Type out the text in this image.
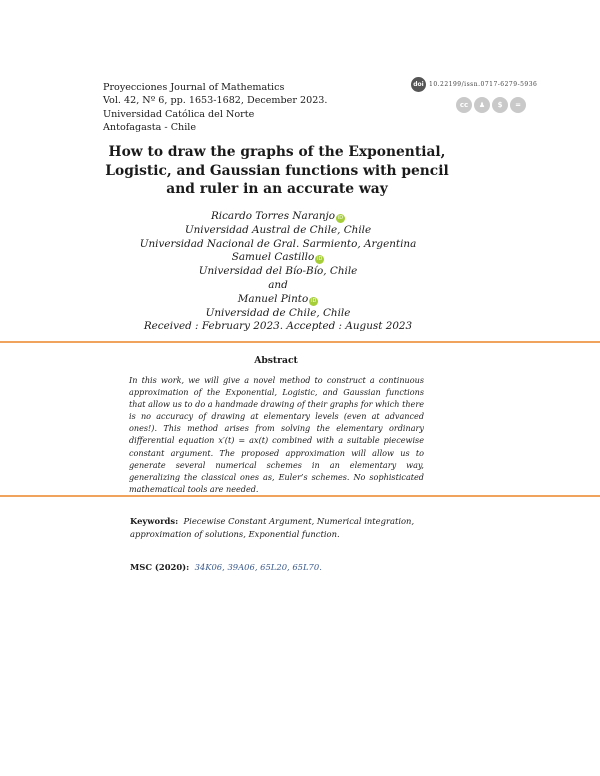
Proyecciones Journal of Mathematics
Vol. 42, Nº 6, pp. 1653-1682, December 2023.
Universidad Católica del Norte
Antofagasta - Chile
doi 10.22199/issn.0717-6279-5936
cc	♟	$	=
How to draw the graphs of the Exponential, Logistic, and Gaussian functions with pencil and ruler in an accurate way
Ricardo Torres Naranjo iD
Universidad Austral de Chile, Chile
Universidad Nacional de Gral. Sarmiento, Argentina
Samuel Castillo iD
Universidad del Bío-Bío, Chile
and
Manuel Pinto iD
Universidad de Chile, Chile
Received : February 2023. Accepted : August 2023
Abstract
In this work, we will give a novel method to construct a continuous approximation of the Exponential, Logistic, and Gaussian functions that allow us to do a handmade drawing of their graphs for which there is no accuracy of drawing at elementary levels (even at advanced ones!). This method arises from solving the elementary ordinary differential equation x′(t) = ax(t) combined with a suitable piecewise constant argument. The proposed approximation will allow us to generate several numerical schemes in an elementary way, generalizing the classical ones as, Euler’s schemes. No sophisticated mathematical tools are needed.
Keywords: Piecewise Constant Argument, Numerical integration, approximation of solutions, Exponential function.
MSC (2020): 34K06, 39A06, 65L20, 65L70.
